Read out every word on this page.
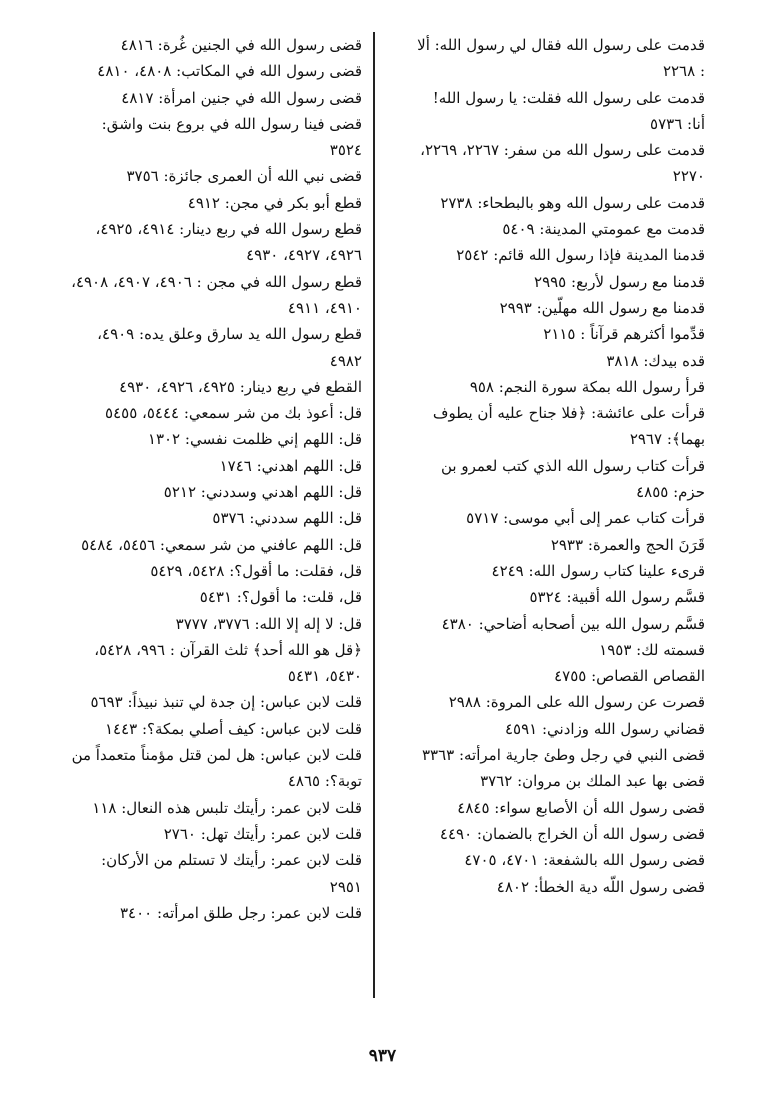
قدمت على رسول الله فقال لي رسول الله: ألا : ٢٢٦٨
قدمت على رسول الله فقلت: يا رسول الله! أنا: ٥٧٣٦
قدمت على رسول الله من سفر: ٢٢٦٧، ٢٢٦٩، ٢٢٧٠
قدمت على رسول الله وهو بالبطحاء: ٢٧٣٨
قدمت مع عمومتي المدينة: ٥٤٠٩
قدمنا المدينة فإذا رسول الله قائم: ٢٥٤٢
قدمنا مع رسول لأربع: ٢٩٩٥
قدمنا مع رسول الله مهلّين: ٢٩٩٣
قدِّموا أكثرهم قرآناً : ٢١١٥
قده بيدك: ٣٨١٨
قرأ رسول الله بمكة سورة النجم: ٩٥٨
قرأت على عائشة: ﴿فلا جناح عليه أن يطوف بهما﴾: ٢٩٦٧
قرأت كتاب رسول الله الذي كتب لعمرو بن حزم: ٤٨٥٥
قرأت كتاب عمر إلى أبي موسى: ٥٧١٧
قَرَنَ الحج والعمرة: ٢٩٣٣
قرىء علينا كتاب رسول الله: ٤٢٤٩
قسَّم رسول الله أقبية: ٥٣٢٤
قسَّم رسول الله بين أصحابه أضاحي: ٤٣٨٠
قسمته لك: ١٩٥٣
القصاص القصاص: ٤٧٥٥
قصرت عن رسول الله على المروة: ٢٩٨٨
قضاني رسول الله وزادني: ٤٥٩١
قضى النبي في رجل وطئ جارية امرأته: ٣٣٦٣
قضى بها عبد الملك بن مروان: ٣٧٦٢
قضى رسول الله أن الأصابع سواء: ٤٨٤٥
قضى رسول الله أن الخراج بالضمان: ٤٤٩٠
قضى رسول الله بالشفعة: ٤٧٠١، ٤٧٠٥
قضى رسول اللّه دية الخطأ: ٤٨٠٢
قضى رسول الله في الجنين غُرة: ٤٨١٦
قضى رسول الله في المكاتب: ٤٨٠٨، ٤٨١٠
قضى رسول الله في جنين امرأة: ٤٨١٧
قضى فينا رسول الله في بروع بنت واشق: ٣٥٢٤
قضى نبي الله أن العمرى جائزة: ٣٧٥٦
قطع أبو بكر في مجن: ٤٩١٢
قطع رسول الله في ربع دينار: ٤٩١٤، ٤٩٢٥، ٤٩٢٦، ٤٩٢٧، ٤٩٣٠
قطع رسول الله في مجن : ٤٩٠٦، ٤٩٠٧، ٤٩٠٨، ٤٩١٠، ٤٩١١
قطع رسول الله يد سارق وعلق يده: ٤٩٠٩، ٤٩٨٢
القطع في ربع دينار: ٤٩٢٥، ٤٩٢٦، ٤٩٣٠
قل: أعوذ بك من شر سمعي: ٥٤٤٤، ٥٤٥٥
قل: اللهم إني ظلمت نفسي: ١٣٠٢
قل: اللهم اهدني: ١٧٤٦
قل: اللهم اهدني وسددني: ٥٢١٢
قل: اللهم سددني: ٥٣٧٦
قل: اللهم عافني من شر سمعي: ٥٤٥٦، ٥٤٨٤
قل، فقلت: ما أقول؟: ٥٤٢٨، ٥٤٢٩
قل، قلت: ما أقول؟: ٥٤٣١
قل: لا إله إلا الله: ٣٧٧٦، ٣٧٧٧
﴿قل هو الله أحد﴾ ثلث القرآن : ٩٩٦، ٥٤٢٨، ٥٤٣٠، ٥٤٣١
قلت لابن عباس: إن جدة لي تنبذ نبيذاً: ٥٦٩٣
قلت لابن عباس: كيف أصلي بمكة؟: ١٤٤٣
قلت لابن عباس: هل لمن قتل مؤمناً متعمداً من توبة؟: ٤٨٦٥
قلت لابن عمر: رأيتك تلبس هذه النعال: ١١٨
قلت لابن عمر: رأيتك تهل: ٢٧٦٠
قلت لابن عمر: رأيتك لا تستلم من الأركان: ٢٩٥١
قلت لابن عمر: رجل طلق امرأته: ٣٤٠٠
٩٣٧
